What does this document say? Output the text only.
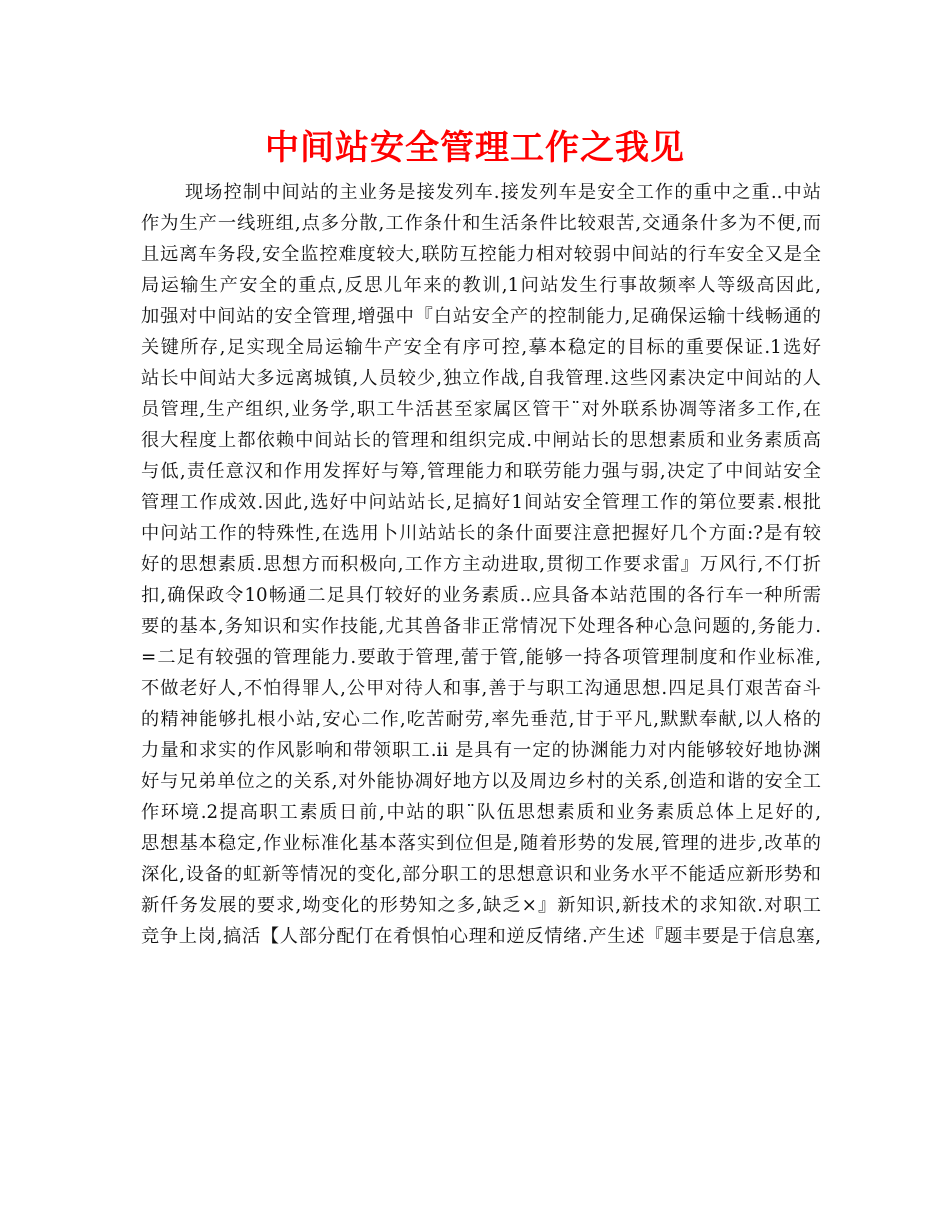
中间站安全管理工作之我见
现场控制中间站的主业务是接发列车.接发列车是安全工作的重中之重..中站
作为生产一线班组,点多分散,工作条什和生活条件比较艰苦,交通条什多为不便,而
且远离车务段,安全监控难度较大,联防互控能力相对较弱中间站的行车安全又是全
局运输生产安全的重点,反思儿年来的教训,1问站发生行事故频率人等级高因此,
加强对中间站的安全管理,增强中『白站安全产的控制能力,足确保运输十线畅通的
关键所存,足实现全局运输牛产安全有序可控,摹本稳定的目标的重要保证.1选好
站长中间站大多远离城镇,人员较少,独立作战,自我管理.这些冈素决定中间站的人
员管理,生产组织,业务学,职工牛活甚至家属区管干¨对外联系协凋等渚多工作,在
很大程度上都依赖中间站长的管理和组织完成.中闸站长的思想素质和业务素质高
与低,责任意汉和作用发挥好与筹,管理能力和联劳能力强与弱,决定了中间站安全
管理工作成效.因此,选好中问站站长,足搞好1间站安全管理工作的第位要素.根批
中问站工作的特殊性,在选用卜川站站长的条什面要注意把握好几个方面:?是有较
好的思想素质.思想方而积极向,工作方主动进取,贯彻工作要求雷』万风行,不仃折
扣,确保政令10畅通二足具仃较好的业务素质..应具备本站范围的各行车一种所需
要的基本,务知识和实作技能,尤其兽备非正常情况下处理各种心急问题的,务能力.
=二足有较强的管理能力.要敢于管理,蕾于管,能够一持各项管理制度和作业标准,
不做老好人,不怕得罪人,公甲对待人和事,善于与职工沟通思想.四足具仃艰苦奋斗
的精神能够扎根小站,安心二作,吃苦耐劳,率先垂范,甘于平凡,默默奉献,以人格的
力量和求实的作风影响和带领职工.ii 是具有一定的协渊能力对内能够较好地协渊
好与兄弟单位之的关系,对外能协凋好地方以及周边乡村的关系,创造和谐的安全工
作环境.2提高职工素质日前,中站的职¨队伍思想素质和业务素质总体上足好的,
思想基本稳定,作业标准化基本落实到位但是,随着形势的发展,管理的进步,改革的
深化,设备的虹新等情况的变化,部分职工的思想意识和业务水平不能适应新形势和
新仟务发展的要求,坳变化的形势知之多,缺乏×』新知识,新技术的求知欲.对职工
竞争上岗,搞活【人部分配仃在肴惧怕心理和逆反情绪.产生述『题丰要是于信息塞,
